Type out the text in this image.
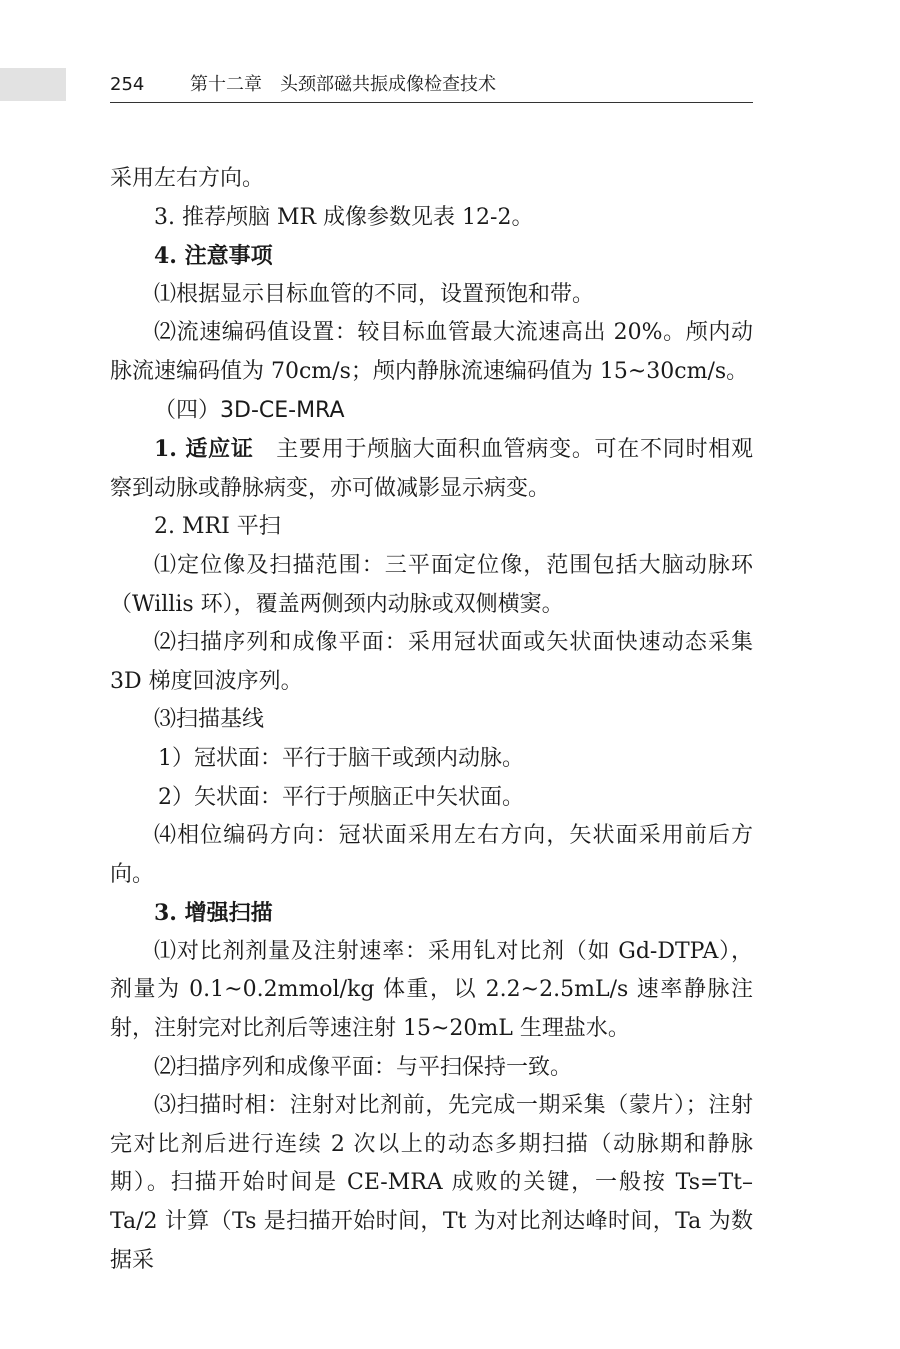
254	第十二章　头颈部磁共振成像检查技术

采用左右方向。

3. 推荐颅脑 MR 成像参数见表 12-2。

4. 注意事项

⑴根据显示目标血管的不同，设置预饱和带。

⑵流速编码值设置：较目标血管最大流速高出 20%。颅内动脉流速编码值为 70cm/s；颅内静脉流速编码值为 15~30cm/s。

（四）3D-CE-MRA

1. 适应证　 主要用于颅脑大面积血管病变。可在不同时相观察到动脉或静脉病变，亦可做减影显示病变。

2. MRI 平扫

⑴定位像及扫描范围：三平面定位像，范围包括大脑动脉环（Willis 环），覆盖两侧颈内动脉或双侧横窦。

⑵扫描序列和成像平面：采用冠状面或矢状面快速动态采集 3D 梯度回波序列。

⑶扫描基线

1）冠状面：平行于脑干或颈内动脉。

2）矢状面：平行于颅脑正中矢状面。

⑷相位编码方向：冠状面采用左右方向，矢状面采用前后方向。

3. 增强扫描

⑴对比剂剂量及注射速率：采用钆对比剂（如 Gd-DTPA），剂量为 0.1~0.2mmol/kg 体重，以 2.2~2.5mL/s 速率静脉注射，注射完对比剂后等速注射 15~20mL 生理盐水。

⑵扫描序列和成像平面：与平扫保持一致。

⑶扫描时相：注射对比剂前，先完成一期采集（蒙片）；注射完对比剂后进行连续 2 次以上的动态多期扫描（动脉期和静脉期）。扫描开始时间是 CE-MRA 成败的关键，一般按 Ts=Tt–Ta/2 计算（Ts 是扫描开始时间，Tt 为对比剂达峰时间，Ta 为数据采
